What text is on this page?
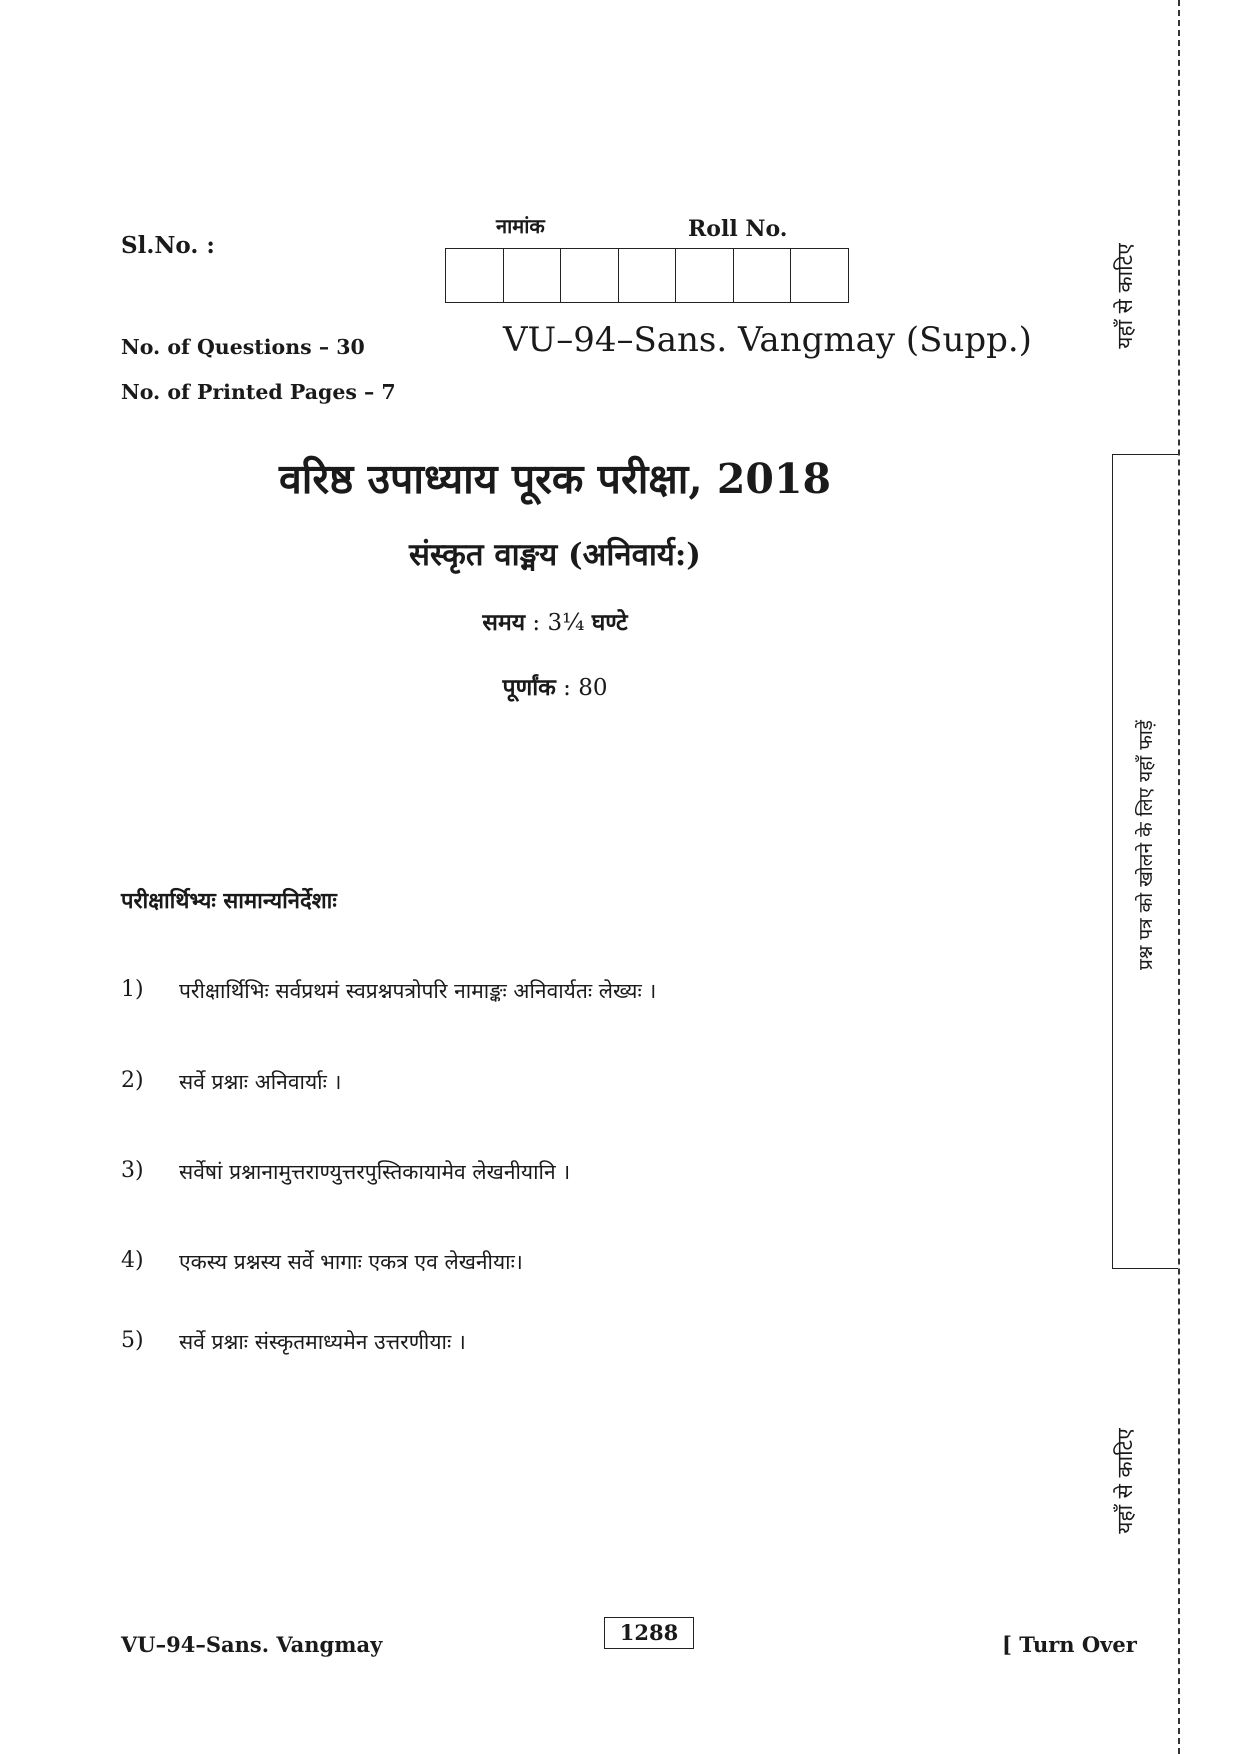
Sl.No. :
नामांक	Roll No.
No. of Questions – 30
No. of Printed Pages – 7
VU–94–Sans. Vangmay (Supp.)
वरिष्ठ उपाध्याय पूरक परीक्षा, 2018
संस्कृत वाङ्मय (अनिवार्य:)
समय : 3¼ घण्टे
पूर्णांक : 80
परीक्षार्थिभ्यः सामान्यनिर्देशाः
1)	परीक्षार्थिभिः सर्वप्रथमं स्वप्रश्नपत्रोपरि नामाङ्कः अनिवार्यतः लेख्यः ।
2)	सर्वे प्रश्नाः अनिवार्याः ।
3)	सर्वेषां प्रश्नानामुत्तराण्युत्तरपुस्तिकायामेव लेखनीयानि ।
4)	एकस्य प्रश्नस्य सर्वे भागाः एकत्र एव लेखनीयाः।
5)	सर्वे प्रश्नाः संस्कृतमाध्यमेन उत्तरणीयाः ।
VU–94–Sans. Vangmay	1288	[ Turn Over
यहाँ से काटिए
प्रश्न पत्र को खोलने के लिए यहाँ फाड़ें
यहाँ से काटिए
